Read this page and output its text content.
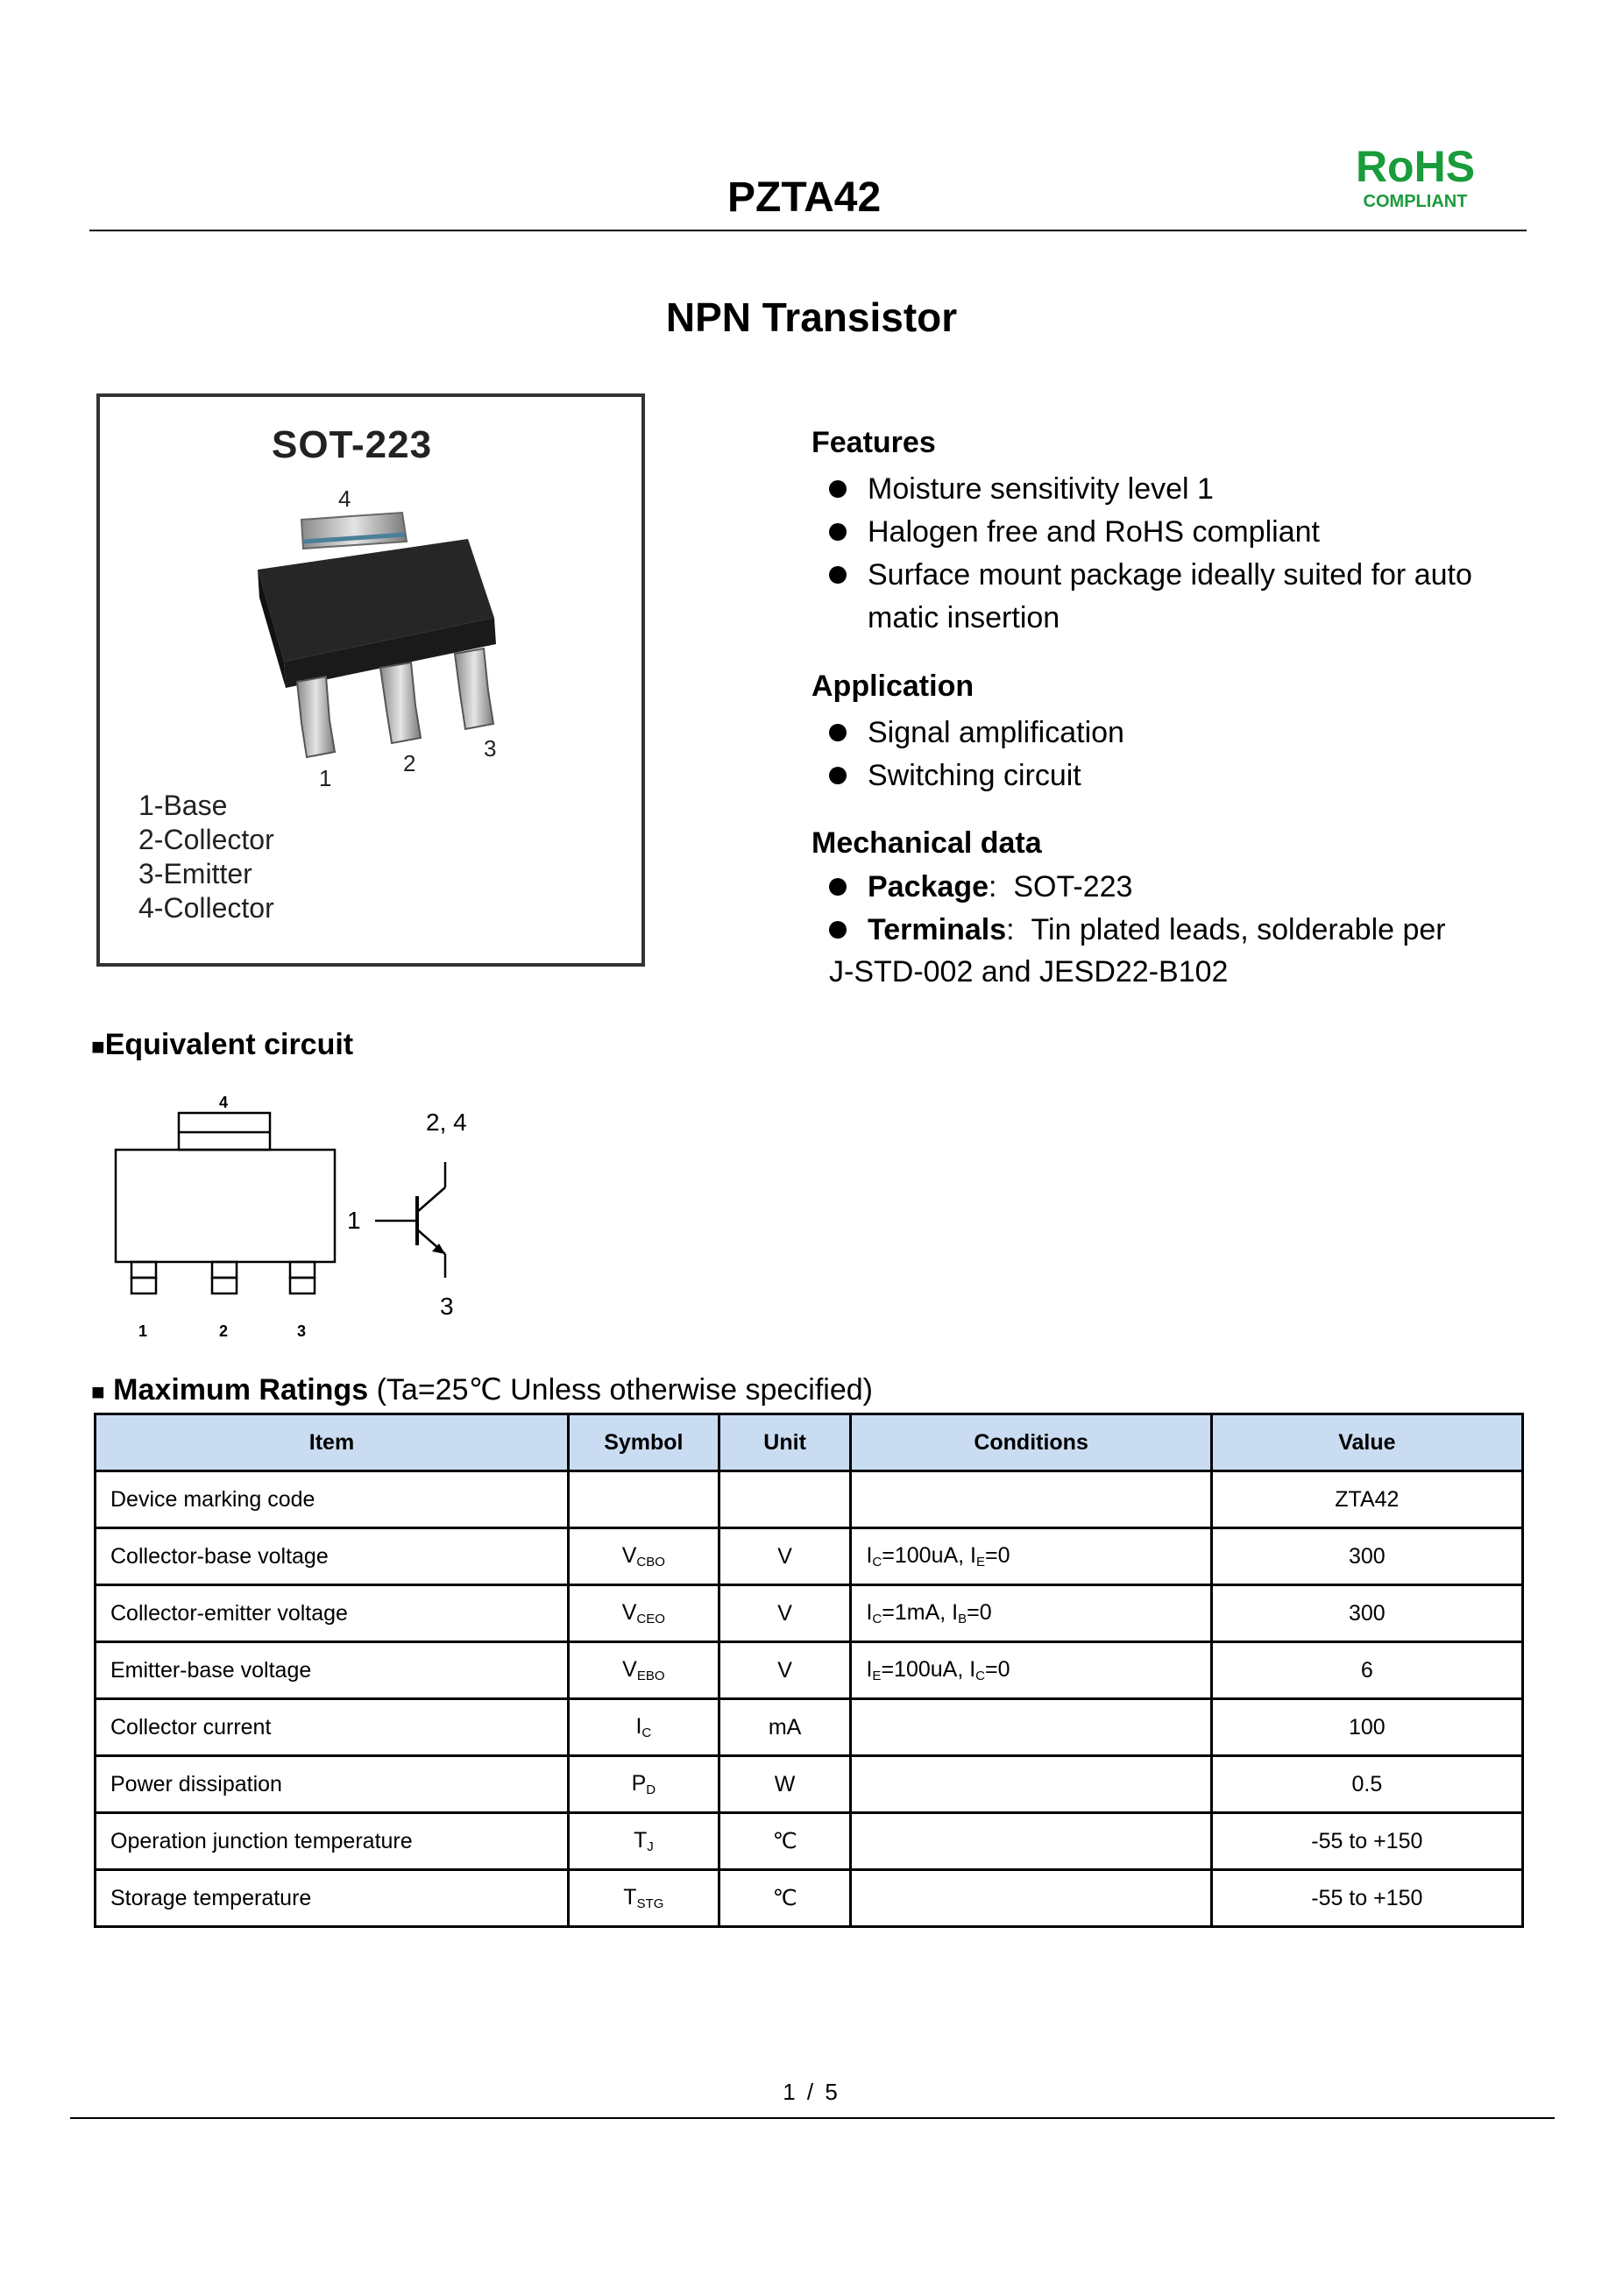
PZTA42
RoHS
COMPLIANT
NPN Transistor
SOT-223
4
1
2
3
1-Base
2-Collector
3-Emitter
4-Collector
Features
Moisture sensitivity level 1
Halogen free and RoHS compliant
Surface mount package ideally suited for auto
matic insertion
Application
Signal amplification
Switching circuit
Mechanical data
Package: SOT-223
Terminals: Tin plated leads, solderable per
J-STD-002 and JESD22-B102
■Equivalent circuit
4
1	2	3
2, 4
1
3
■ Maximum Ratings (Ta=25℃ Unless otherwise specified)
Item	Symbol	Unit	Conditions	Value
Device marking code				ZTA42
Collector-base voltage	$V_{CBO}$	V	$I_C=100uA$, $I_E=0$	300
Collector-emitter voltage	$V_{CEO}$	V	$I_C=1mA$, $I_B=0$	300
Emitter-base voltage	$V_{EBO}$	V	$I_E=100uA$, $I_C=0$	6
Collector current	$I_C$	mA		100
Power dissipation	$P_D$	W		0.5
Operation junction temperature	$T_J$	℃		-55 to +150
Storage temperature	$T_{STG}$	℃		-55 to +150
1 / 5
